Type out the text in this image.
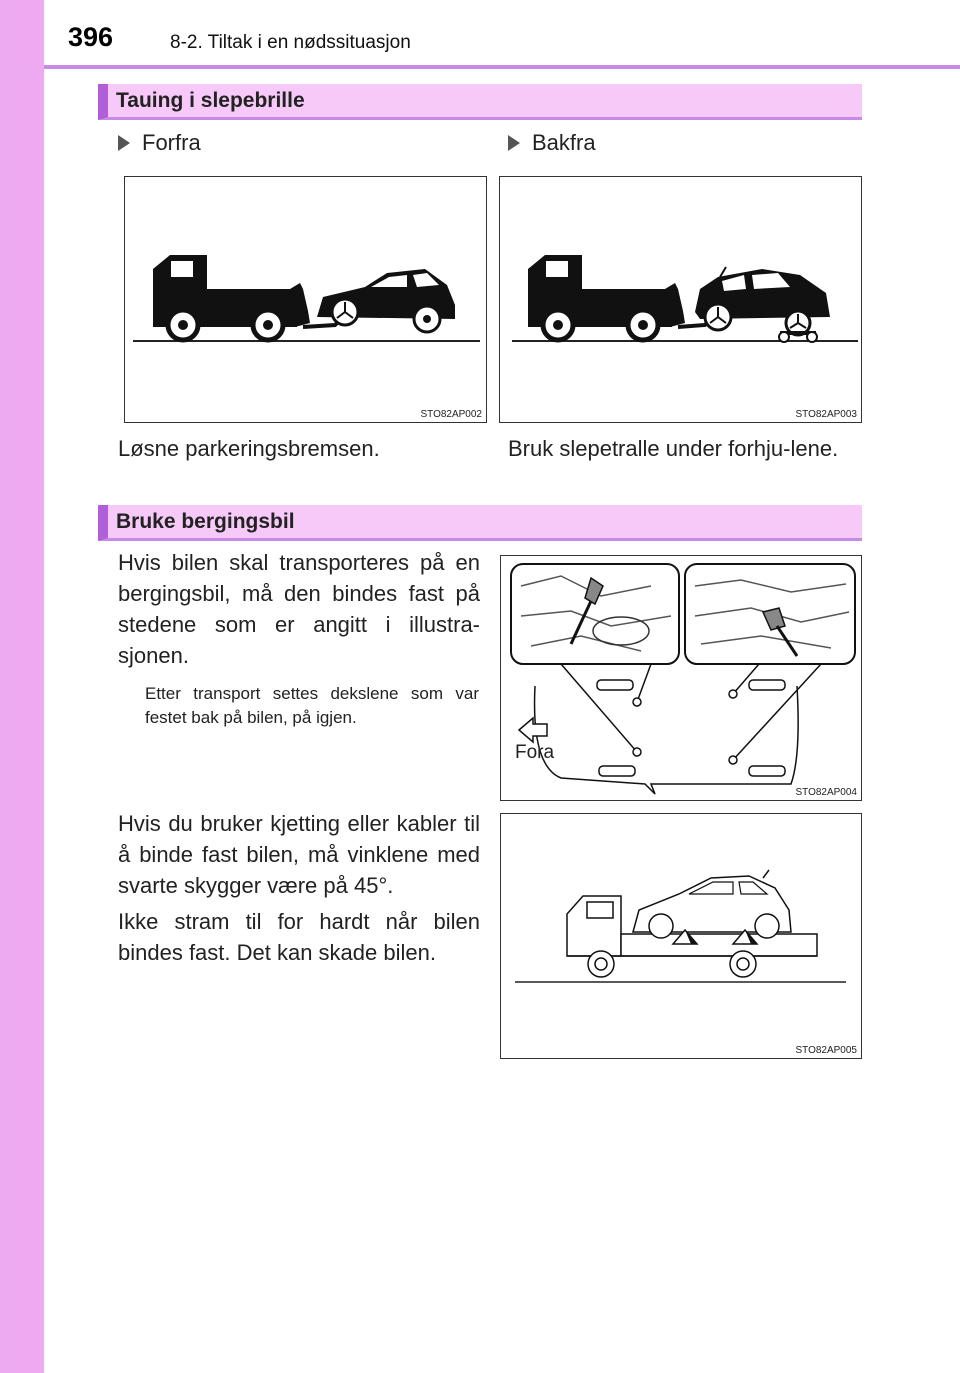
396	8-2. Tiltak i en nødssituasjon
Tauing i slepebrille
Forfra	Bakfra
STO82AP002	STO82AP003

Løsne parkeringsbremsen.	Bruk slepetralle under forhju-lene.

Bruke bergingsbil

Hvis bilen skal transporteres på en bergingsbil, må den bindes fast på stedene som er angitt i illustra-sjonen.

Etter transport settes dekslene som var festet bak på bilen, på igjen.

Hvis du bruker kjetting eller kabler til å binde fast bilen, må vinklene med svarte skygger være på 45°.

Ikke stram til for hardt når bilen bindes fast. Det kan skade bilen.

Fora
STO82AP004
STO82AP005
